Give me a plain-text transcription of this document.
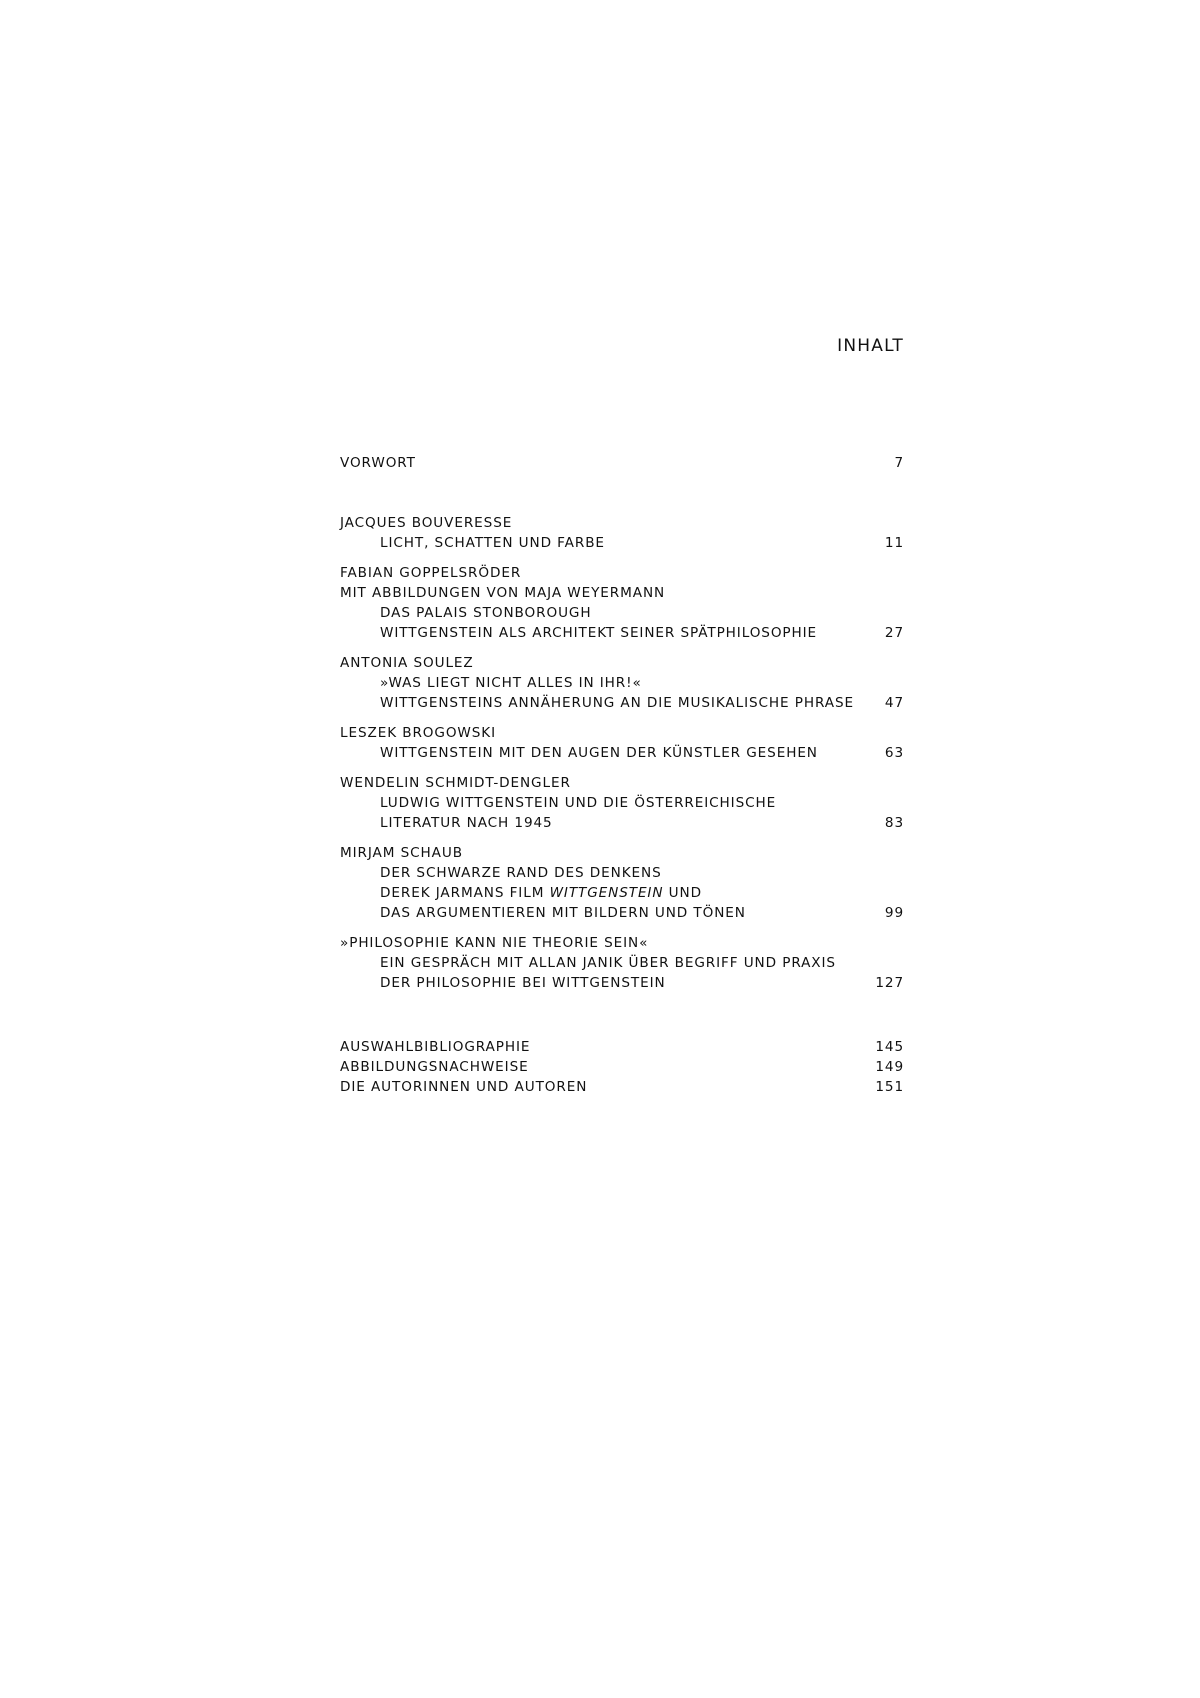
INHALT
VORWORT	7
JACQUES BOUVERESSE
LICHT, SCHATTEN UND FARBE	11
FABIAN GOPPELSRÖDER
MIT ABBILDUNGEN VON MAJA WEYERMANN
DAS PALAIS STONBOROUGH
WITTGENSTEIN ALS ARCHITEKT SEINER SPÄTPHILOSOPHIE	27
ANTONIA SOULEZ
»WAS LIEGT NICHT ALLES IN IHR!«
WITTGENSTEINS ANNÄHERUNG AN DIE MUSIKALISCHE PHRASE 47
LESZEK BROGOWSKI
WITTGENSTEIN MIT DEN AUGEN DER KÜNSTLER GESEHEN	63
WENDELIN SCHMIDT-DENGLER
LUDWIG WITTGENSTEIN UND DIE ÖSTERREICHISCHE
LITERATUR NACH 1945	83
MIRJAM SCHAUB
DER SCHWARZE RAND DES DENKENS
DEREK JARMANS FILM WITTGENSTEIN UND
DAS ARGUMENTIEREN MIT BILDERN UND TÖNEN	99
»PHILOSOPHIE KANN NIE THEORIE SEIN«
EIN GESPRÄCH MIT ALLAN JANIK ÜBER BEGRIFF UND PRAXIS
DER PHILOSOPHIE BEI WITTGENSTEIN	127
AUSWAHLBIBLIOGRAPHIE	145
ABBILDUNGSNACHWEISE	149
DIE AUTORINNEN UND AUTOREN	151
